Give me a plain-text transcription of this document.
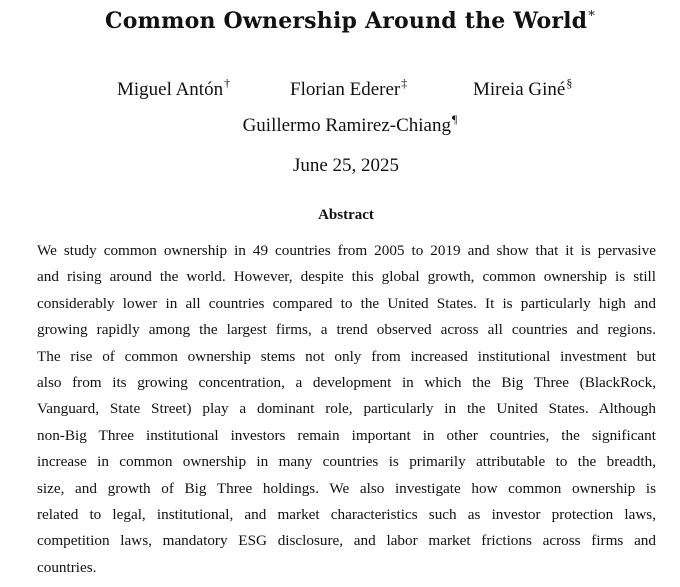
Common Ownership Around the World*
Miguel Antón†	Florian Ederer‡	Mireia Giné§
Guillermo Ramirez-Chiang¶
June 25, 2025
Abstract
We study common ownership in 49 countries from 2005 to 2019 and show that it is pervasive
and rising around the world. However, despite this global growth, common ownership is still
considerably lower in all countries compared to the United States. It is particularly high and
growing rapidly among the largest firms, a trend observed across all countries and regions.
The rise of common ownership stems not only from increased institutional investment but
also from its growing concentration, a development in which the Big Three (BlackRock,
Vanguard, State Street) play a dominant role, particularly in the United States. Although
non-Big Three institutional investors remain important in other countries, the significant
increase in common ownership in many countries is primarily attributable to the breadth,
size, and growth of Big Three holdings. We also investigate how common ownership is
related to legal, institutional, and market characteristics such as investor protection laws,
competition laws, mandatory ESG disclosure, and labor market frictions across firms and
countries.
